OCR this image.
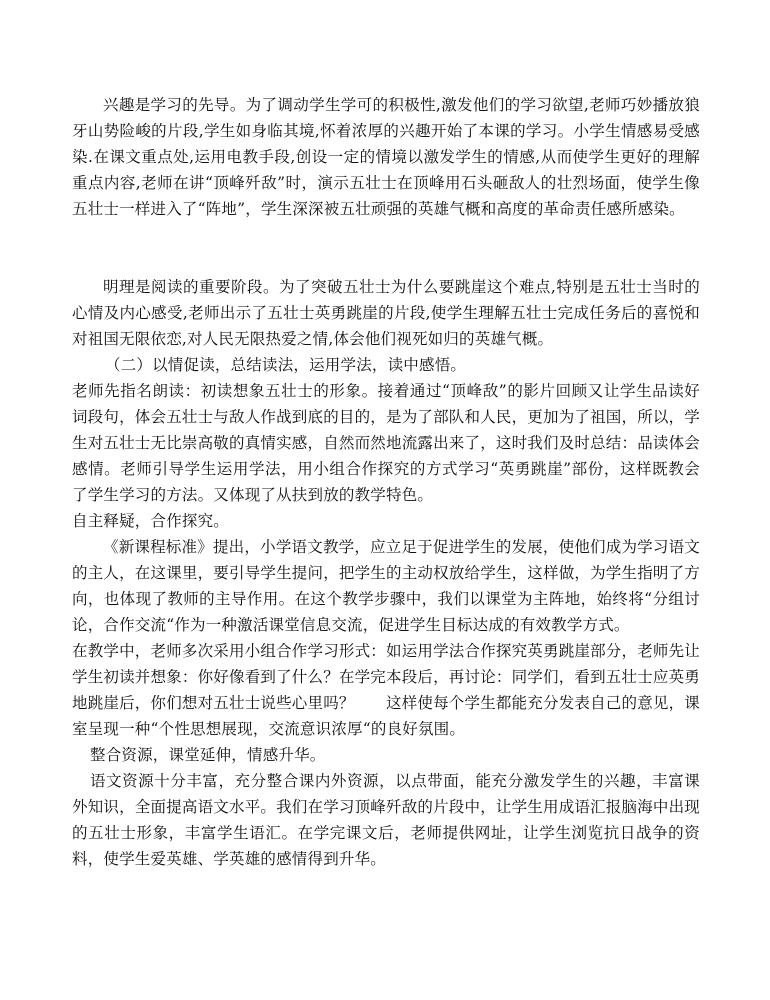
兴趣是学习的先导。为了调动学生学可的积极性,激发他们的学习欲望,老师巧妙播放狼牙山势险峻的片段,学生如身临其境,怀着浓厚的兴趣开始了本课的学习。小学生情感易受感染.在课文重点处,运用电教手段,创设一定的情境以激发学生的情感,从而使学生更好的理解重点内容,老师在讲“顶峰歼敌”时，演示五壮士在顶峰用石头砸敌人的壮烈场面，使学生像五壮士一样进入了“阵地”，学生深深被五壮顽强的英雄气概和高度的革命责任感所感染。

明理是阅读的重要阶段。为了突破五壮士为什么要跳崖这个难点,特别是五壮士当时的心情及内心感受,老师出示了五壮士英勇跳崖的片段,使学生理解五壮士完成任务后的喜悦和对祖国无限依恋,对人民无限热爱之情,体会他们视死如归的英雄气概。

（二）以情促读，总结读法，运用学法，读中感悟。

老师先指名朗读：初读想象五壮士的形象。接着通过“顶峰敌”的影片回顾又让学生品读好词段句，体会五壮士与敌人作战到底的目的，是为了部队和人民，更加为了祖国，所以，学生对五壮士无比崇高敬的真情实感，自然而然地流露出来了，这时我们及时总结：品读体会感情。老师引导学生运用学法，用小组合作探究的方式学习“英勇跳崖”部份，这样既教会了学生学习的方法。又体现了从扶到放的教学特色。

自主释疑，合作探究。

《新课程标准》提出，小学语文教学，应立足于促进学生的发展，使他们成为学习语文的主人，在这课里，要引导学生提问，把学生的主动权放给学生，这样做，为学生指明了方向，也体现了教师的主导作用。在这个教学步骤中，我们以课堂为主阵地，始终将“分组讨论，合作交流“作为一种激活课堂信息交流，促进学生目标达成的有效教学方式。

在教学中，老师多次采用小组合作学习形式：如运用学法合作探究英勇跳崖部分，老师先让学生初读并想象：你好像看到了什么？在学完本段后，再讨论：同学们，看到五壮士应英勇地跳崖后，你们想对五壮士说些心里吗？　　这样使每个学生都能充分发表自己的意见，课室呈现一种“个性思想展现，交流意识浓厚“的良好氛围。

整合资源，课堂延伸，情感升华。

语文资源十分丰富，充分整合课内外资源，以点带面，能充分激发学生的兴趣，丰富课外知识，全面提高语文水平。我们在学习顶峰歼敌的片段中，让学生用成语汇报脑海中出现的五壮士形象，丰富学生语汇。在学完课文后，老师提供网址，让学生浏览抗日战争的资料，使学生爱英雄、学英雄的感情得到升华。
